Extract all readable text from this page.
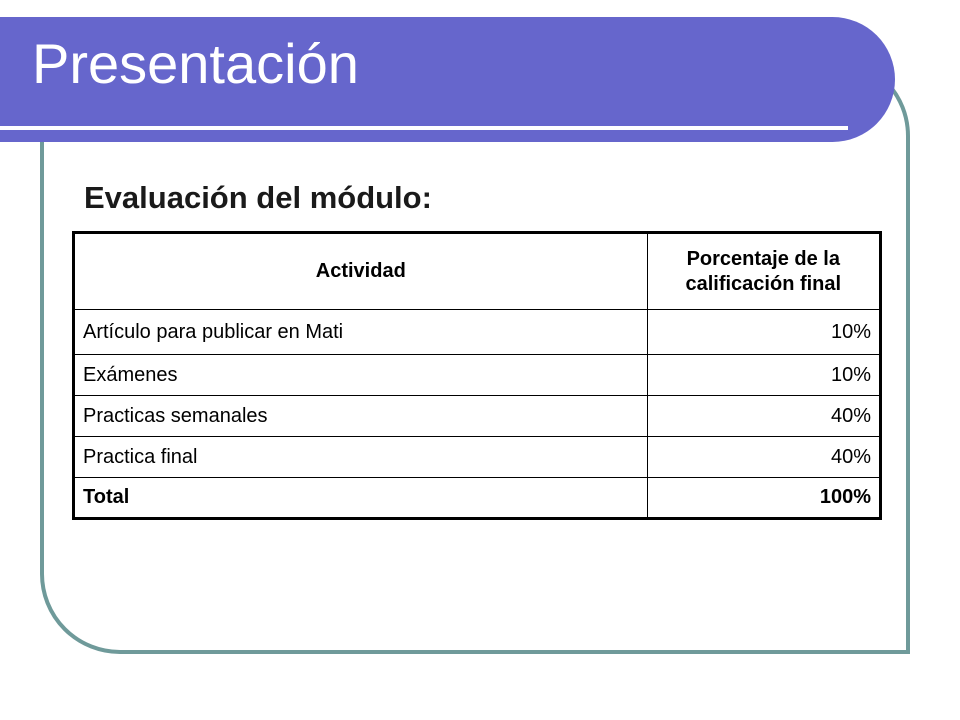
Presentación
Evaluación del módulo:
Actividad	Porcentaje de la calificación final
Artículo para publicar en Mati	10%
Exámenes	10%
Practicas semanales	40%
Practica final	40%
Total	100%
